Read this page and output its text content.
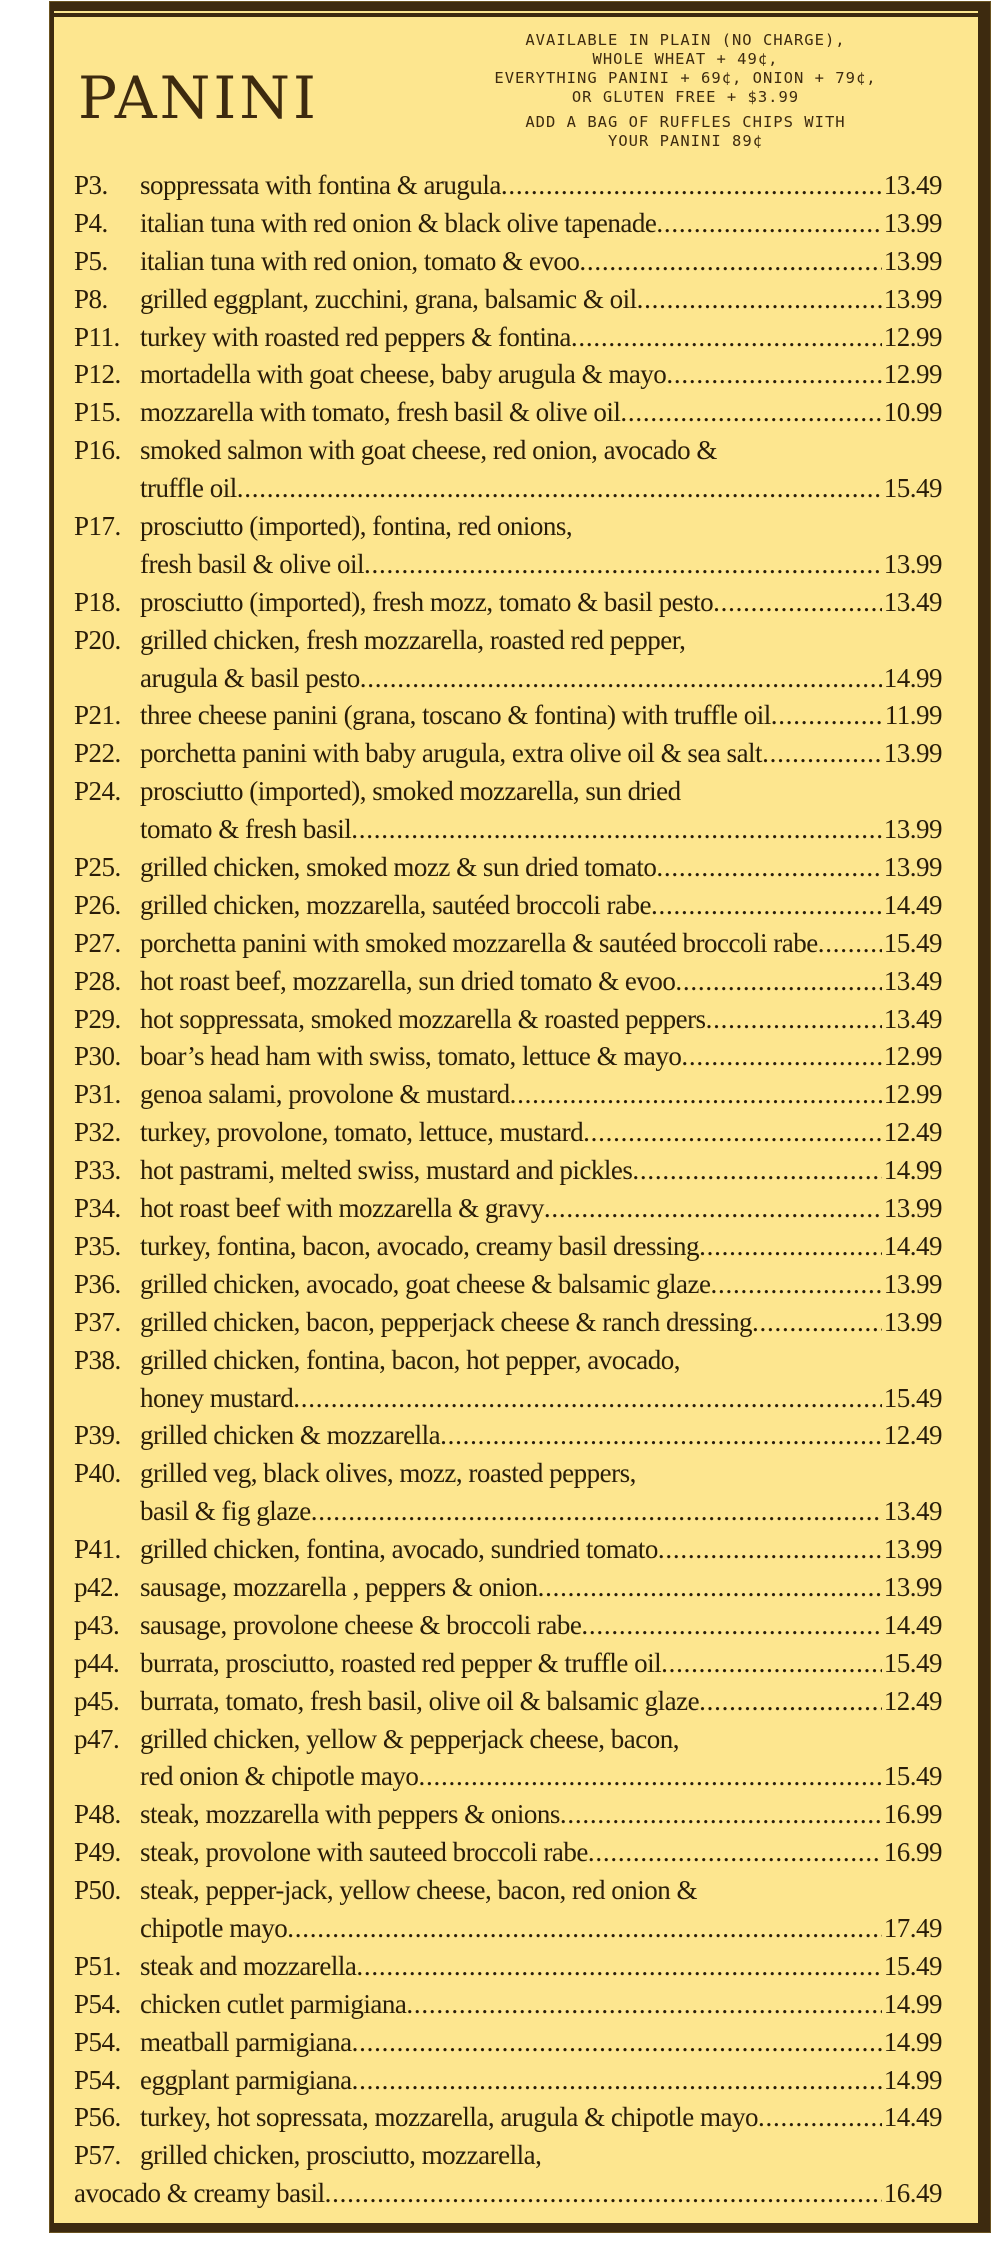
PANINI
AVAILABLE IN PLAIN (NO CHARGE),
WHOLE WHEAT + 49¢,
EVERYTHING PANINI + 69¢, ONION + 79¢,
OR GLUTEN FREE + $3.99
ADD A BAG OF RUFFLES CHIPS WITH
YOUR PANINI 89¢
P3.	soppressata with fontina & arugula . . .	13.49
P4.	italian tuna with red onion & black olive tapenade . . .	13.99
P5.	italian tuna with red onion, tomato & evoo . . .	13.99
P8.	grilled eggplant, zucchini, grana, balsamic & oil . . .	13.99
P11. turkey with roasted red peppers & fontina . . .	12.99
P12. mortadella with goat cheese, baby arugula & mayo . . .	12.99
P15. mozzarella with tomato, fresh basil & olive oil . . .	10.99
P16. smoked salmon with goat cheese, red onion, avocado &
truffle oil . . .	15.49
P17. prosciutto (imported), fontina, red onions,
fresh basil & olive oil . . .	13.99
P18. prosciutto (imported), fresh mozz, tomato & basil pesto . . .	13.49
P20. grilled chicken, fresh mozzarella, roasted red pepper,
arugula & basil pesto . . .	14.99
P21. three cheese panini (grana, toscano & fontina) with truffle oil . . .	11.99
P22. porchetta panini with baby arugula, extra olive oil & sea salt . . .	13.99
P24. prosciutto (imported), smoked mozzarella, sun dried
tomato & fresh basil . . .	13.99
P25. grilled chicken, smoked mozz & sun dried tomato . . .	13.99
P26. grilled chicken, mozzarella, sautéed broccoli rabe . . .	14.49
P27. porchetta panini with smoked mozzarella & sautéed broccoli rabe . . . 15.49
P28. hot roast beef, mozzarella, sun dried tomato & evoo . . .	13.49
P29. hot soppressata, smoked mozzarella & roasted peppers . . .	13.49
P30. boar’s head ham with swiss, tomato, lettuce & mayo . . .	12.99
P31. genoa salami, provolone & mustard . . .	12.99
P32. turkey, provolone, tomato, lettuce, mustard . . .	12.49
P33. hot pastrami, melted swiss, mustard and pickles . . .	14.99
P34. hot roast beef with mozzarella & gravy . . .	13.99
P35. turkey, fontina, bacon, avocado, creamy basil dressing . . .	14.49
P36. grilled chicken, avocado, goat cheese & balsamic glaze . . .	13.99
P37. grilled chicken, bacon, pepperjack cheese & ranch dressing . . .	13.99
P38. grilled chicken, fontina, bacon, hot pepper, avocado,
honey mustard . . .	15.49
P39. grilled chicken & mozzarella . . .	12.49
P40. grilled veg, black olives, mozz, roasted peppers,
basil & fig glaze . . .	13.49
P41. grilled chicken, fontina, avocado, sundried tomato . . .	13.99
p42. sausage, mozzarella , peppers & onion . . .	13.99
p43. sausage, provolone cheese & broccoli rabe . . .	14.49
p44. burrata, prosciutto, roasted red pepper & truffle oil . . .	15.49
p45. burrata, tomato, fresh basil, olive oil & balsamic glaze . . .	12.49
p47. grilled chicken, yellow & pepperjack cheese, bacon,
red onion & chipotle mayo . . .	15.49
P48. steak, mozzarella with peppers & onions . . .	16.99
P49. steak, provolone with sauteed broccoli rabe . . .	16.99
P50. steak, pepper-jack, yellow cheese, bacon, red onion &
chipotle mayo . . .	17.49
P51. steak and mozzarella . . .	15.49
P54. chicken cutlet parmigiana . . .	14.99
P54. meatball parmigiana . . .	14.99
P54. eggplant parmigiana . . .	14.99
P56. turkey, hot sopressata, mozzarella, arugula & chipotle mayo . . .	14.49
P57. grilled chicken, prosciutto, mozzarella,
avocado & creamy basil . . .	16.49
